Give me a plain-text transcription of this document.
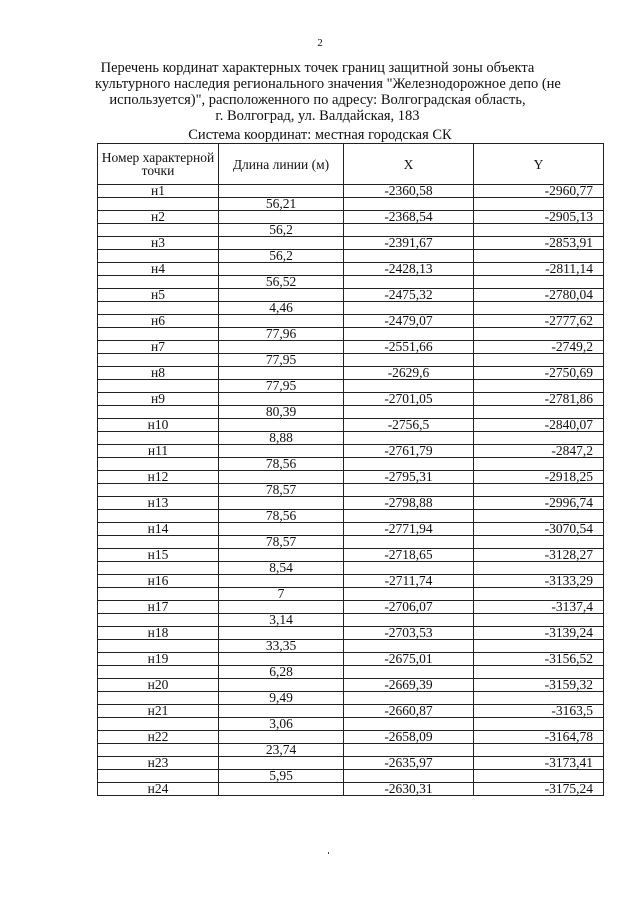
2
Перечень кординат характерных точек границ защитной зоны объекта
культурного наследия регионального значения "Железнодорожное депо (не
используется)", расположенного по адресу: Волгоградская область,
г. Волгоград, ул. Валдайская, 183
Система координат: местная городская СК
Номер характерной точки	Длина линии (м)	X	Y
н1		-2360,58	-2960,77
	56,21		
н2		-2368,54	-2905,13
	56,2		
н3		-2391,67	-2853,91
	56,2		
н4		-2428,13	-2811,14
	56,52		
н5		-2475,32	-2780,04
	4,46		
н6		-2479,07	-2777,62
	77,96		
н7		-2551,66	-2749,2
	77,95		
н8		-2629,6	-2750,69
	77,95		
н9		-2701,05	-2781,86
	80,39		
н10		-2756,5	-2840,07
	8,88		
н11		-2761,79	-2847,2
	78,56		
н12		-2795,31	-2918,25
	78,57		
н13		-2798,88	-2996,74
	78,56		
н14		-2771,94	-3070,54
	78,57		
н15		-2718,65	-3128,27
	8,54		
н16		-2711,74	-3133,29
	7		
н17		-2706,07	-3137,4
	3,14		
н18		-2703,53	-3139,24
	33,35		
н19		-2675,01	-3156,52
	6,28		
н20		-2669,39	-3159,32
	9,49		
н21		-2660,87	-3163,5
	3,06		
н22		-2658,09	-3164,78
	23,74		
н23		-2635,97	-3173,41
	5,95		
н24		-2630,31	-3175,24
